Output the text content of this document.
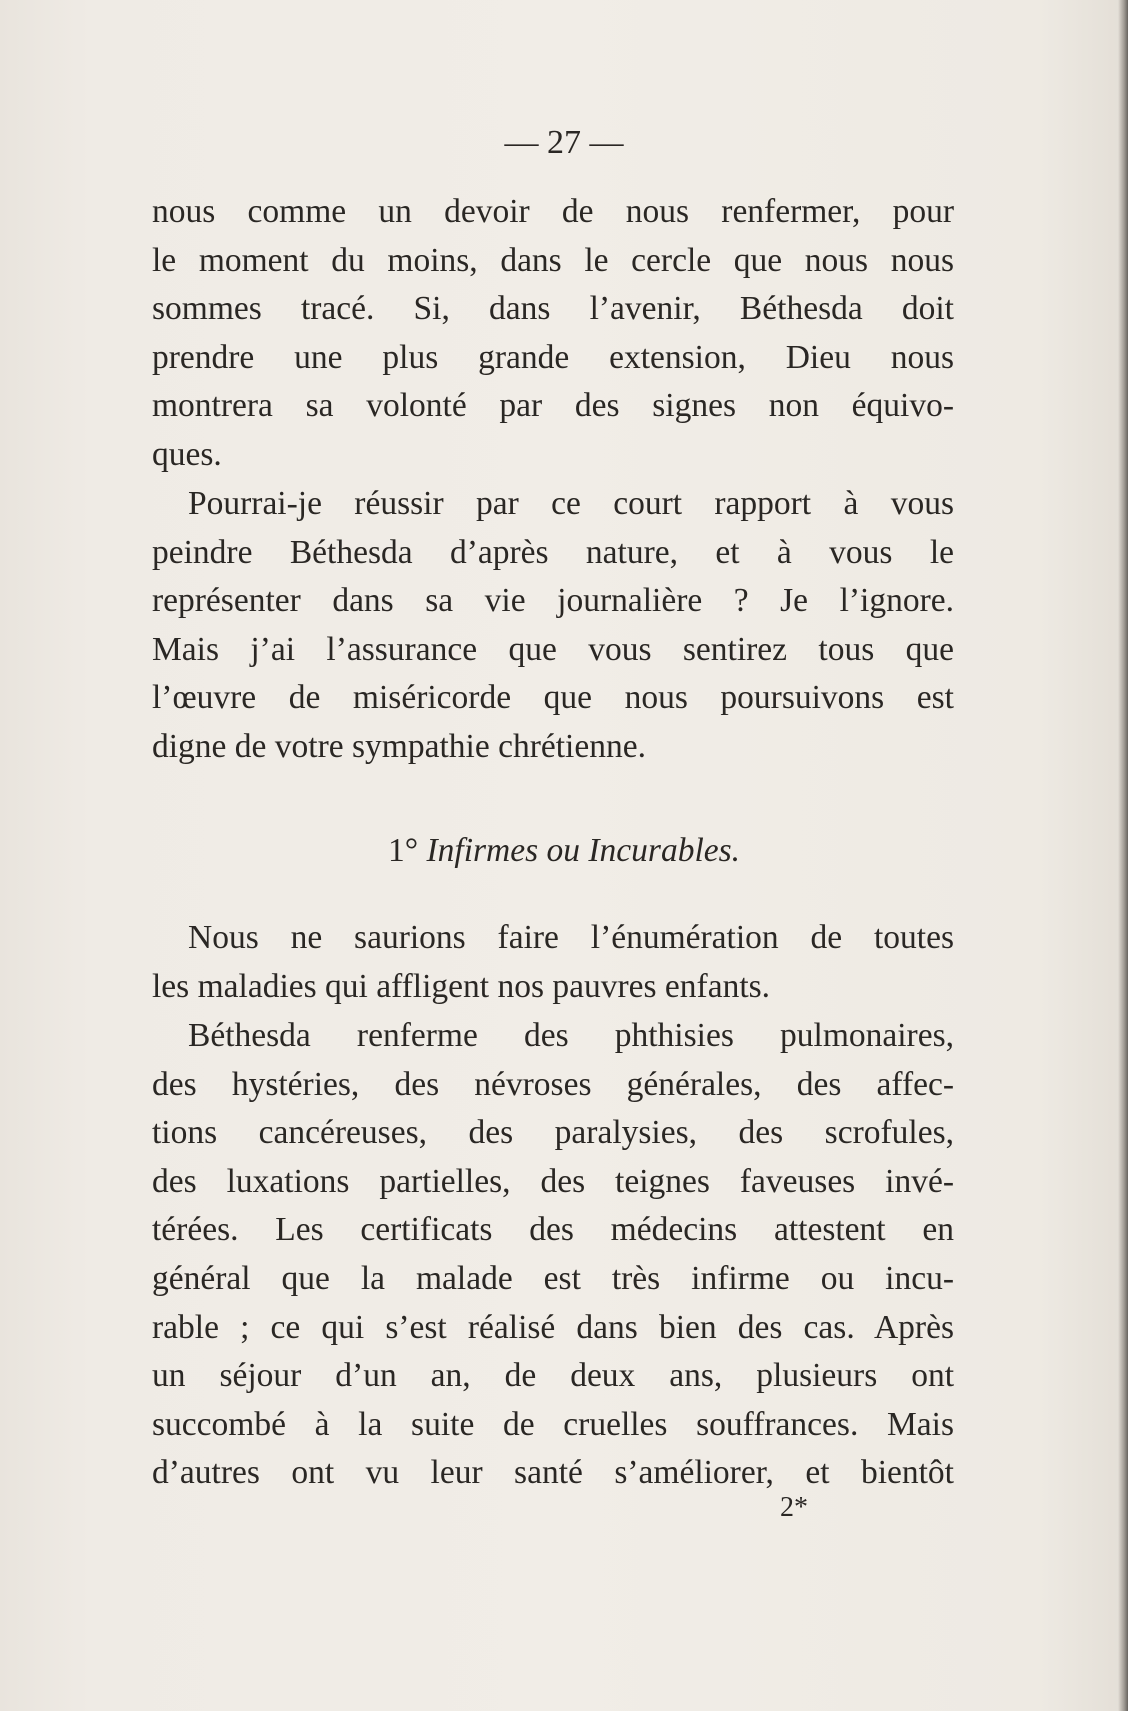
— 27 —
nous comme un devoir de nous renfermer, pour
le moment du moins, dans le cercle que nous nous
sommes tracé. Si, dans l’avenir, Béthesda doit
prendre une plus grande extension, Dieu nous
montrera sa volonté par des signes non équivo-
ques.
Pourrai-je réussir par ce court rapport à vous
peindre Béthesda d’après nature, et à vous le
représenter dans sa vie journalière ? Je l’ignore.
Mais j’ai l’assurance que vous sentirez tous que
l’œuvre de miséricorde que nous poursuivons est
digne de votre sympathie chrétienne.
1° Infirmes ou Incurables.
Nous ne saurions faire l’énumération de toutes
les maladies qui affligent nos pauvres enfants.
Béthesda renferme des phthisies pulmonaires,
des hystéries, des névroses générales, des affec-
tions cancéreuses, des paralysies, des scrofules,
des luxations partielles, des teignes faveuses invé-
térées. Les certificats des médecins attestent en
général que la malade est très infirme ou incu-
rable ; ce qui s’est réalisé dans bien des cas. Après
un séjour d’un an, de deux ans, plusieurs ont
succombé à la suite de cruelles souffrances. Mais
d’autres ont vu leur santé s’améliorer, et bientôt
2*
